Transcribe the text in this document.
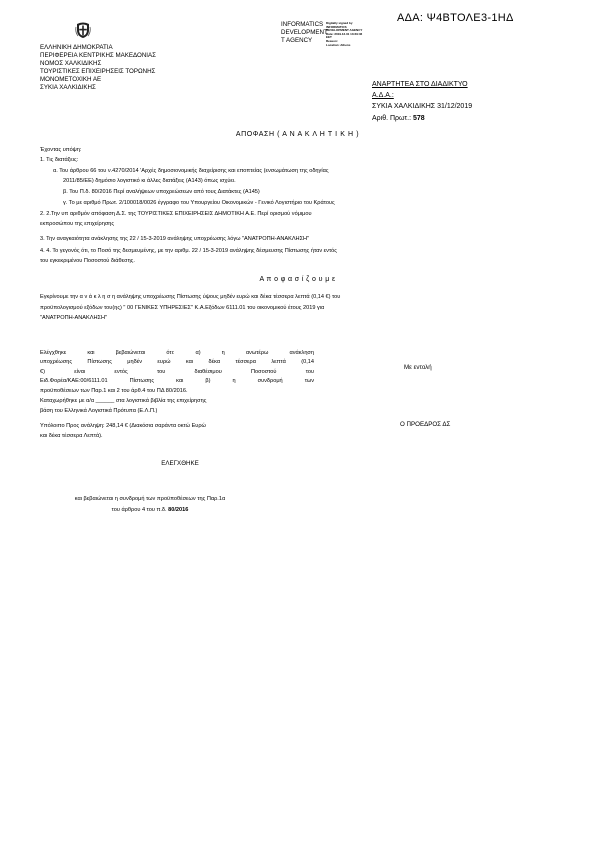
ΕΛΛΗΝΙΚΗ ΔΗΜΟΚΡΑΤΙΑ
ΠΕΡΙΦΕΡΕΙΑ ΚΕΝΤΡΙΚΗΣ ΜΑΚΕΔΟΝΙΑΣ
ΝΟΜΟΣ ΧΑΛΚΙΔΙΚΗΣ
ΤΟΥΡΙΣΤΙΚΕΣ ΕΠΙΧΕΙΡΗΣΕΙΣ ΤΟΡΩΝΗΣ
ΜΟΝΟΜΕΤΟΧΙΚΗ ΑΕ
ΣΥΚΙΑ ΧΑΛΚΙΔΙΚΗΣ
INFORMATICS
DEVELOPMENT
T AGENCY
Digitally signed by
INFORMATICS
DEVELOPMENT AGENCY
Date: 2019.12.31 13:29:46
EET
Reason:
Location: Athens
ΑΔΑ: Ψ4ΒΤΟΛΕ3-1ΗΔ
ΑΝΑΡΤΗΤΕΑ ΣΤΟ ΔΙΑΔΙΚΤΥΟ
Α.Δ.Α.:
ΣΥΚΙΑ ΧΑΛΚΙΔΙΚΗΣ 31/12/2019
Αριθ. Πρωτ.: 578
ΑΠΟΦΑΣΗ ( Α Ν Α Κ Λ Η Τ Ι Κ Η )
Έχοντας υπόψη:
1. Τις διατάξεις:
α. Του άρθρου 66 του ν.4270/2014 'Αρχές δημοσιονομικής διαχείρισης και εποπτείας (ενσωμάτωση της οδηγίας
2011/85/ΕΕ) δημόσιο λογιστικό κι άλλες διατάξεις (Α143) όπως ισχύει.
β. Του Π.δ. 80/2016 Περί αναλήψεων υποχρεώσεων από τους Διατάκτες (Α145)
γ. Το με αριθμό Πρωτ. 2/100018/0026 έγγραφο του Υπουργείου Οικονομικών - Γενικό Λογιστήριο του Κράτους
2. 2.Την υπ αριθμόν απόφαση Δ.Σ. της ΤΟΥΡΙΣΤΙΚΕΣ ΕΠΙΧΕΙΡΗΣΕΙΣ ΔΗΜΟΤΙΚΗ Α.Ε. Περί ορισμού νόμιμου
εκπροσώπου της επιχείρησης
3. Την αναγκαιότητα ανάκλησης της 22 / 15-3-2019 ανάληψης υποχρέωσης λόγω "ΑΝΑΤΡΟΠΗ-ΑΝΑΚΛΗΣΗ"
4. 4. Το γεγονός ότι, το Ποσό της δεσμευμένης, με την αριθμ. 22 / 15-3-2019 ανάληψης δέσμευσης Πίστωσης ήταν εντός
του εγκεκριμένου Ποσοστού διάθεσης.
Α π ο φ α σ ί ζ ο υ μ ε
Εγκρίνουμε την α ν ά κ λ η σ η ανάληψης υποχρέωσης Πίστωσης ύψους μηδέν ευρώ και δέκα τέσσερα λεπτά (0,14 €) του
προϋπολογισμού εξόδων του(ης) " 00 ΓΕΝΙΚΕΣ ΥΠΗΡΕΣΙΕΣ" Κ.Α.Εξόδων 6111.01 του οικονομικού έτους 2019 για
"ΑΝΑΤΡΟΠΗ-ΑΝΑΚΛΗΣΗ"
Ελέγχθηκε και βεβαιώνεται ότι: α) η ανωτέρω ανάκληση
υποχρέωσης Πίστωσης μηδέν ευρώ και δέκα τέσσερα λεπτά (0,14
€) είναι εντός του διαθέσιμου Ποσοστού του
Ειδ.Φορέα/ΚΑΕ:00/6111.01 Πίστωσης και β) η συνδρομή των
προϋποθέσεων των Παρ.1 και 2 του άρθ.4 του ΠΔ 80/2016.
Καταχωρήθηκε με α/α ______ στα λογιστικά βιβλία της επιχείρησης
βάση του Ελληνικά Λογιστικά Πρότυπα (Ε.Λ.Π.)
Υπόλοιπο Προς ανάληψη: 248,14 € (Διακόσια σαράντα οκτώ Ευρώ
και δέκα τέσσερα Λεπτά).
Με εντολή
Ο ΠΡΟΕΔΡΟΣ ΔΣ
ΕΛΕΓΧΘΗΚΕ
και βεβαιώνεται η συνδρομή των προϋποθέσεων της Παρ.1α
του άρθρου 4 του π.δ. 80/2016
